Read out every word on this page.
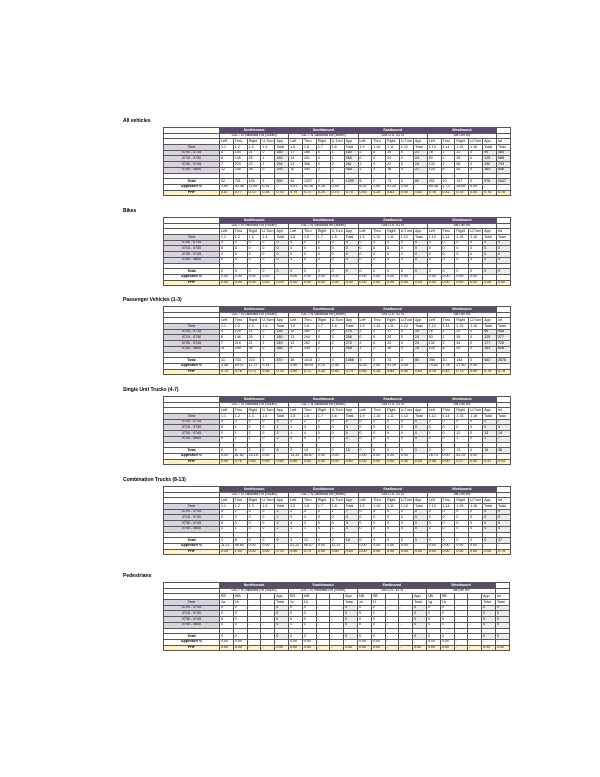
All vehicles
	Northbound					Southbound					Eastbound					Westbound					
	GA-7 N Valdosta Rd (South)					GA-7 N Valdosta Rd (North)					Old U.S. 41 N					Val Del Rd					
	Left	Thru	Right	U-Turn	App	Left	Thru	Right	U-Turn	App	Left	Thru	Right	U-Turn	App	Left	Thru	Right	U-Turn	App	Int
Time	1.1	1.2	1.3	1.4	Total	1.5	1.6	1.7	1.8	Total	1.9	1.10	1.11	1.12	Total	1.13	1.14	1.15	1.16	Total	Total
0700 - 0715	5	154	21	0	180	17	166	0	1	184	2	0	19	0	21	76	1	22	0	99	484
0715 - 0730	8	149	25	1	183	14	251	0	1	266	0	0	24	0	24	83	1	35	0	125	588
0730 - 0745	7	223	22	2	254	13	366	0	2	281	2	0	22	0	24	132	2	56	0	190	749
0745 - 0800	12	245	36	0	293	10	354	2	2	368	1	2	18	0	21	104	6	54	0	164	846

Total	32	751	104	3	890	54	1037	2	6	1099	5	2	73	0	80	401	10	167	0	578	2647
Approach %	3.60	84.38	11.69	0.34	-	4.91	94.36	0.18	0.55	-	6.25	2.50	91.25	0.00	-	69.38	1.73	28.89	0.00	-	-
PHF	0.67	0.77	0.72	0.38	0.76	0.79	0.71	0.25	0.75	0.75	0.63	0.25	0.83	0.00	0.83	0.76	0.42	0.75	0.00	0.76	0.78
Bikes
	Northbound					Southbound					Eastbound					Westbound					
	GA-7 N Valdosta Rd (South)					GA-7 N Valdosta Rd (North)					Old U.S. 41 N					Val Del Rd					
	Left	Thru	Right	U-Turn	App	Left	Thru	Right	U-Turn	App	Left	Thru	Right	U-Turn	App	Left	Thru	Right	U-Turn	App	Int
Time	1.1	1.2	1.3	1.4	Total	1.5	1.6	1.7	1.8	Total	1.9	1.10	1.11	1.12	Total	1.13	1.14	1.15	1.16	Total	Total
0700 - 0715	0	0	0	0	0	0	0	0	0	0	0	0	0	0	0	0	0	0	0	0	0
0715 - 0730	0	0	0	0	0	0	0	0	0	0	0	0	0	0	0	0	0	0	0	0	0
0730 - 0745	0	0	0	0	0	0	0	0	0	0	0	0	0	0	0	0	0	0	0	0	0
0745 - 0800	0	0	0	0	0	0	0	0	0	0	0	0	0	0	0	0	0	0	0	0	0

Total	0	0	0	0	0	0	0	0	0	0	0	0	0	0	0	0	0	0	0	0	0
Approach %	0.00	0.00	0.00	0.00	-	0.00	0.00	0.00	0.00	-	0.00	0.00	0.00	0.00	-	0.00	0.00	0.00	0.00	-	-
PHF	0.00	0.00	0.00	0.00	0.00	0.00	0.00	0.00	0.00	0.00	0.00	0.00	0.00	0.00	0.00	0.00	0.00	0.00	0.00	0.00	0.00
Passenger Vehicles (1-3)
	Northbound					Southbound					Eastbound					Westbound					
	GA-7 N Valdosta Rd (South)					GA-7 N Valdosta Rd (North)					Old U.S. 41 N					Val Del Rd					
	Left	Thru	Right	U-Turn	App	Left	Thru	Right	U-Turn	App	Left	Thru	Right	U-Turn	App	Left	Thru	Right	U-Turn	App	Int
Time	1.1	1.2	1.3	1.4	Total	1.5	1.6	1.7	1.8	Total	1.9	1.10	1.11	1.12	Total	1.13	1.14	1.15	1.16	Total	Total
0700 - 0715	5	129	21	0	155	15	160	0	0	175	2	0	17	0	19	76	1	22	0	99	448
0715 - 0730	8	146	25	1	180	13	244	0	3	258	0	0	24	0	24	83	1	35	0	125	577
0730 - 0745	7	219	21	2	249	12	262	0	2	275	2	0	22	0	24	132	2	44	0	177	725
0745 - 0800	11	240	35	0	286	9	349	1	1	358	1	2	16	0	19	104	6	53	0	163	828

Total	31	734	102	3	870	48	1015	2	4	1066	5	2	73	0	80	398	10	154	0	562	2578
Approach %	3.56	84.37	11.72	0.34	-	4.50	94.93	0.19	0.38	-	6.25	2.50	91.25	0.00	-	70.82	1.78	27.40	0.00	-	-
PHF	0.70	0.76	0.73	0.38	0.76	0.80	0.71	0.25	0.50	0.74	0.63	0.25	0.83	0.00	0.83	0.76	0.42	0.73	0.00	0.79	0.78
Single Unit Trucks (4-7)
	Northbound					Southbound					Eastbound					Westbound					
	GA-7 N Valdosta Rd (South)					GA-7 N Valdosta Rd (North)					Old U.S. 41 N					Val Del Rd					
	Left	Thru	Right	U-Turn	App	Left	Thru	Right	U-Turn	App	Left	Thru	Right	U-Turn	App	Left	Thru	Right	U-Turn	App	Int
Time	1.1	1.2	1.3	1.4	Total	1.5	1.6	1.7	1.8	Total	1.9	1.10	1.11	1.12	Total	1.13	1.14	1.15	1.16	Total	Total
0700 - 0715	0	3	0	0	3	0	2	0	0	2	0	0	0	0	0	2	0	0	0	2	7
0715 - 0730	0	1	0	0	1	1	3	0	0	4	0	0	0	0	0	0	0	0	0	0	5
0730 - 0745	0	1	1	0	2	1	4	0	0	5	0	0	0	0	0	1	0	12	0	13	19
0745 - 0800	0	1	1	0	2	0	4	0	0	4	0	0	0	0	0	0	0	1	0	1	7

Total	0	6	2	0	8	2	13	0	0	15	0	0	0	0	0	3	0	13	0	16	38
Approach %	0.00	81.82	18.18	0.00	-	13.33	86.67	0.00	0.00	-	0.00	0.00	0.00	0.00	-	18.75	0.00	81.25	0.00	-	-
PHF	0.00	0.75	0.50	0.00	0.69	0.50	0.54	0.00	0.00	0.63	0.00	0.00	0.00	0.00	0.00	0.38	0.00	0.27	0.00	0.31	0.53
Combination Trucks (8-13)
	Northbound					Southbound					Eastbound					Westbound					
	GA-7 N Valdosta Rd (South)					GA-7 N Valdosta Rd (North)					Old U.S. 41 N					Val Del Rd					
	Left	Thru	Right	U-Turn	App	Left	Thru	Right	U-Turn	App	Left	Thru	Right	U-Turn	App	Left	Thru	Right	U-Turn	App	Int
Time	1.1	1.2	1.3	1.4	Total	1.5	1.6	1.7	1.8	Total	1.9	1.10	1.11	1.12	Total	1.13	1.14	1.15	1.16	Total	Total
0700 - 0715	0	2	0	0	2	2	4	0	1	7	0	0	0	0	0	0	0	0	0	0	9
0715 - 0730	0	2	0	0	2	0	4	0	0	4	0	0	0	0	0	0	0	0	0	0	6
0730 - 0745	0	3	0	0	3	0	3	0	0	3	0	0	0	0	0	0	0	0	0	0	6
0745 - 0800	1	1	0	0	2	1	1	0	1	3	0	0	0	0	0	0	0	0	0	0	5

Total	1	8	0	0	9	4	12	0	2	18	0	0	0	0	0	0	0	0	0	0	27
Approach %	11.11	88.89	0.00	0.00	-	22.22	66.67	0.00	11.11	-	0.00	0.00	0.00	0.00	-	0.00	0.00	0.00	0.00	-	-
PHF	0.25	1.00	0.00	0.00	0.75	0.50	0.75	0.00	0.50	0.64	0.00	0.00	0.00	0.00	0.00	0.00	0.00	0.00	0.00	0.00	0.75
Pedestrians
	Northbound					Southbound					Eastbound					Westbound					
	GA-7 N Valdosta Rd (South)					GA-7 N Valdosta Rd (North)					Old U.S. 41 N					Val Del Rd					
	EB	WB			App	EB	WB			App	NB	SB			App	NB	SB			App	Int
Time	1a	1b			Total	1c	1d			Total	1e	1f			Total	1g	1h			Total	Total
0700 - 0715	0	0	-	-	0	0	0	-	-	0	0	0	-	-	0	0	0	-	-	0	0
0715 - 0730	0	0	-	-	0	0	0	-	-	0	0	0	-	-	0	0	0	-	-	0	0
0730 - 0745	0	0	-	-	0	0	0	-	-	0	0	0	-	-	0	0	0	-	-	0	0
0745 - 0800	0	0	-	-	0	0	0	-	-	0	0	0	-	-	0	0	0	-	-	0	0

Total	0	0	-	-	0	0	0	-	-	0	0	0	-	-	0	0	0	-	-	0	0
Approach %	0.00	0.00	-	-	-	0.00	0.00	-	-	-	0.00	0.00	-	-	-	0.00	0.00	-	-	-	-
PHF	0.00	0.00	-	-	0.00	0.00	0.00	-	-	0.00	0.00	0.00	-	-	0.00	0.00	0.00	-	-	0.00	0.00
